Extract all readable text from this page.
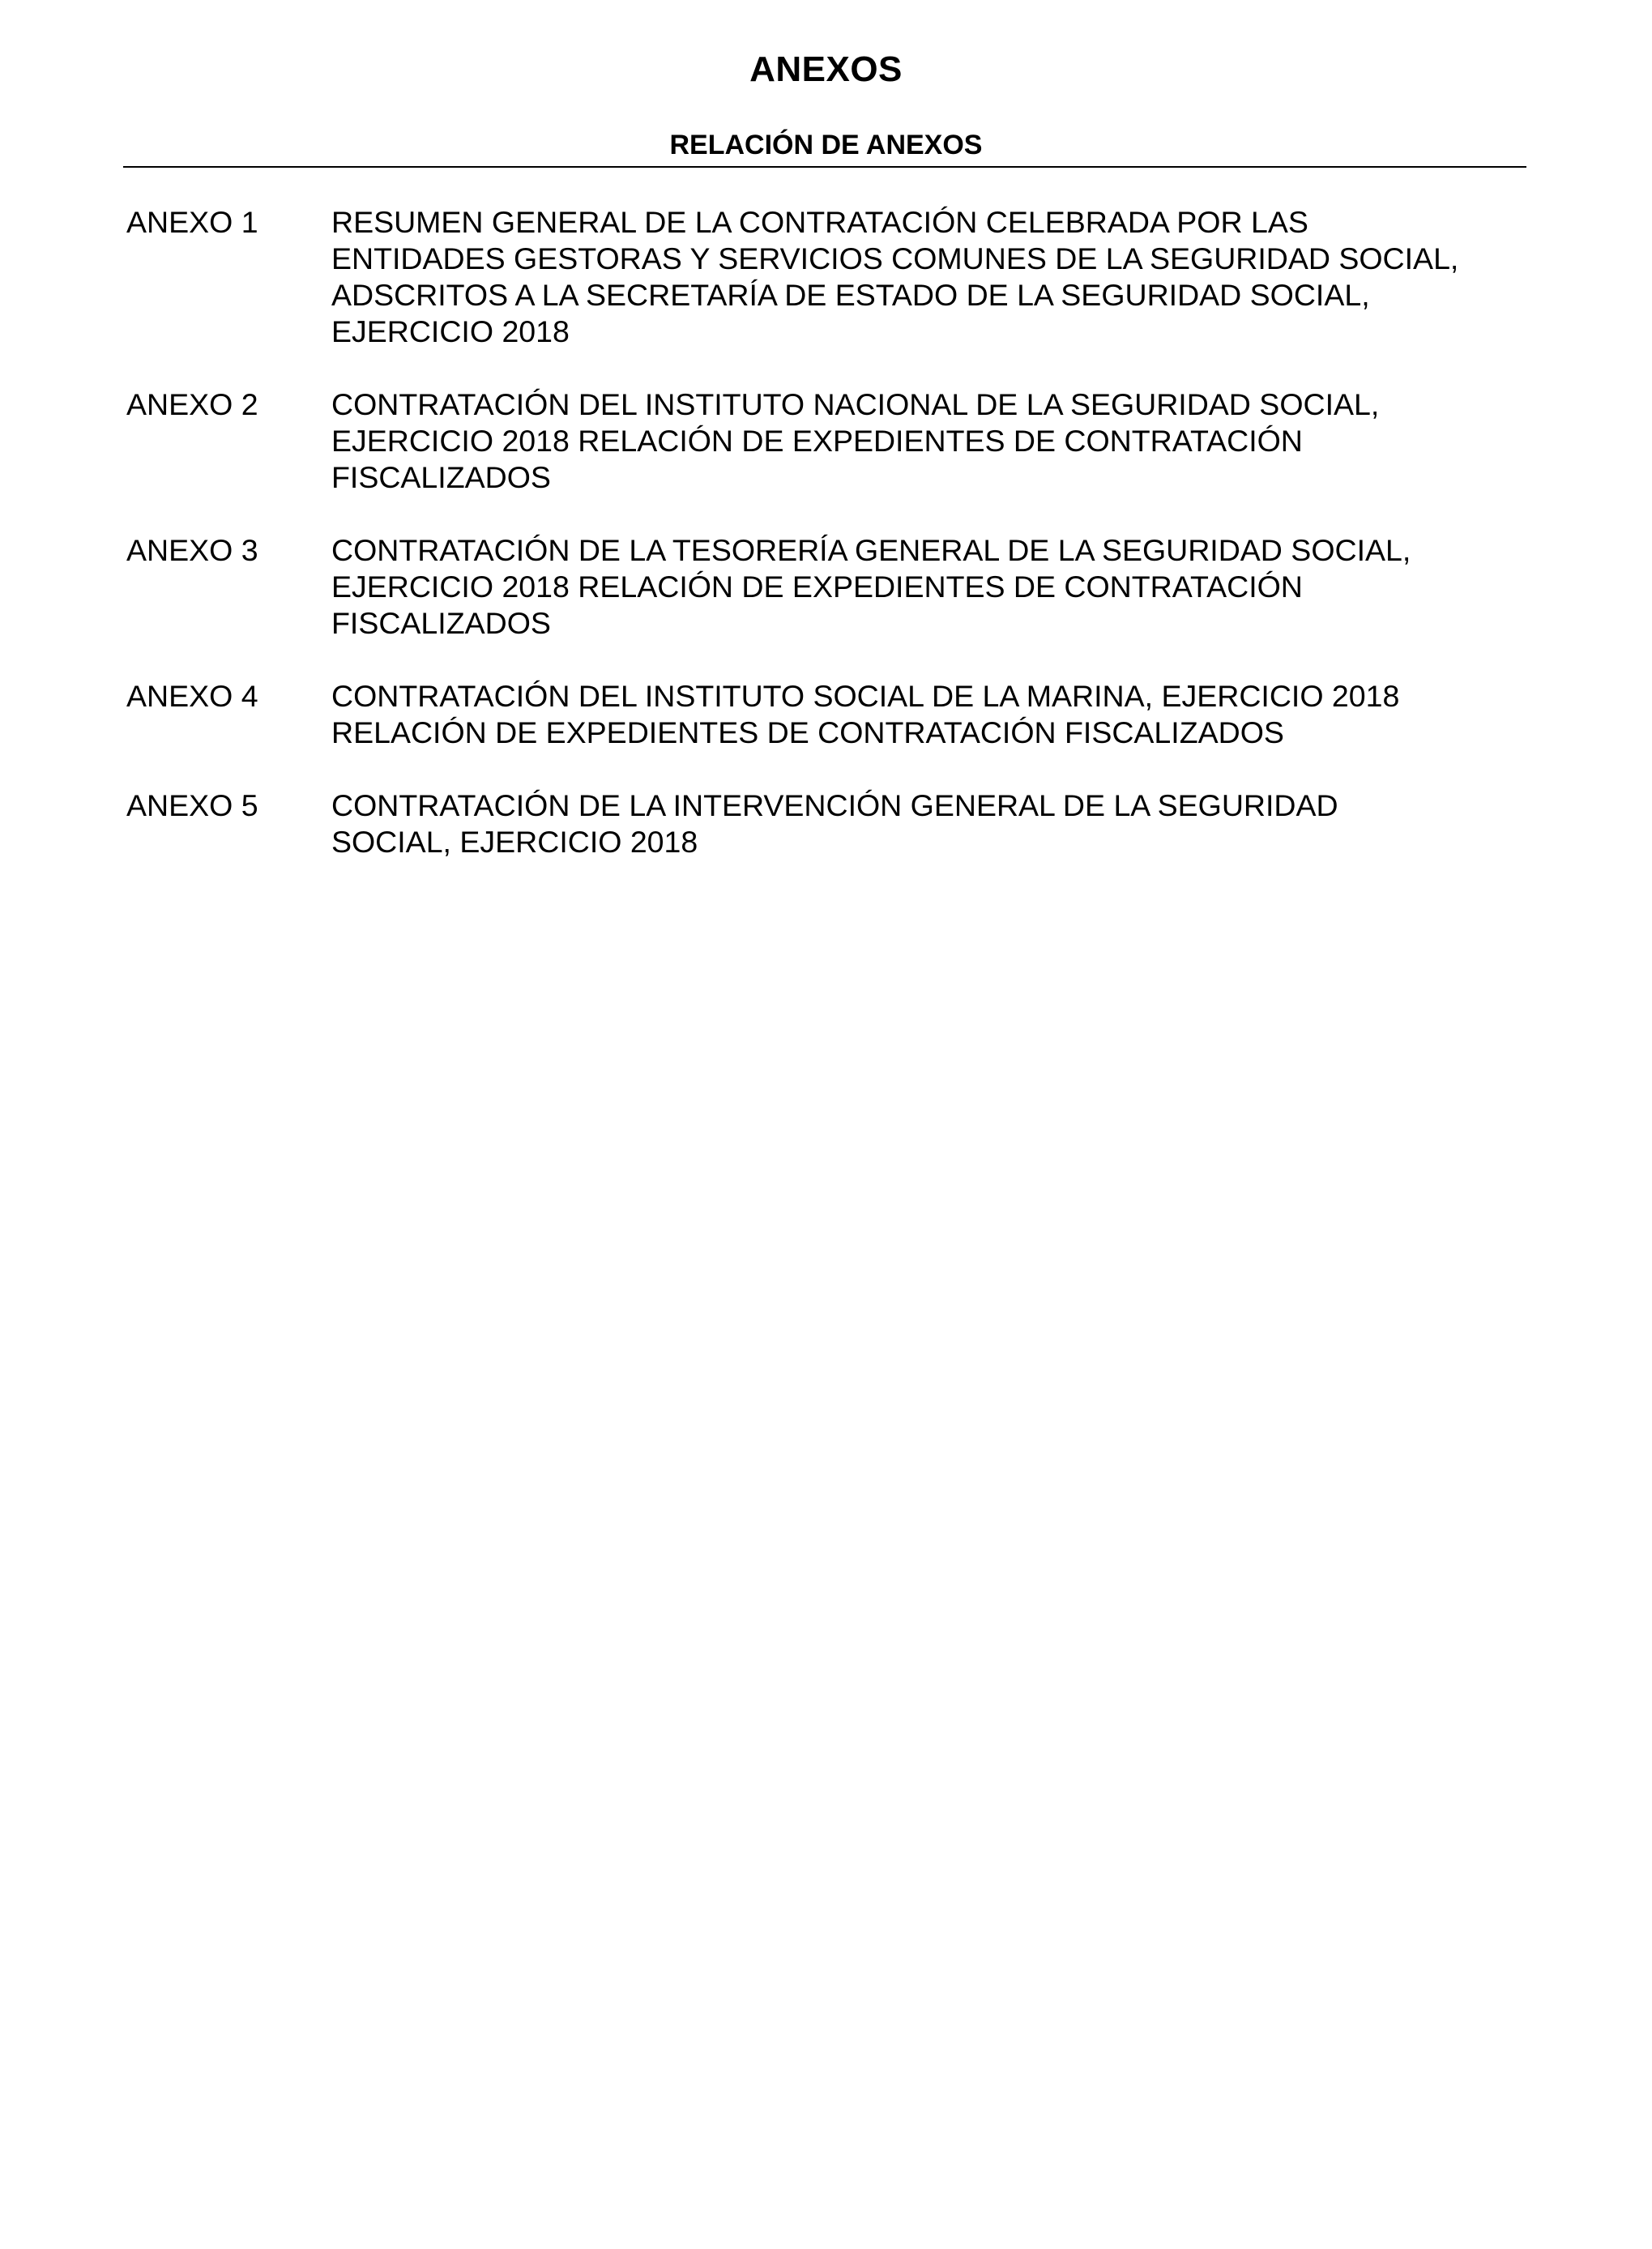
ANEXOS
RELACIÓN DE ANEXOS
ANEXO 1	RESUMEN GENERAL DE LA CONTRATACIÓN CELEBRADA POR LAS
ENTIDADES GESTORAS Y SERVICIOS COMUNES DE LA SEGURIDAD SOCIAL,
ADSCRITOS A LA SECRETARÍA DE ESTADO DE LA SEGURIDAD SOCIAL,
EJERCICIO 2018
ANEXO 2	CONTRATACIÓN DEL INSTITUTO NACIONAL DE LA SEGURIDAD SOCIAL,
EJERCICIO 2018 RELACIÓN DE EXPEDIENTES DE CONTRATACIÓN
FISCALIZADOS
ANEXO 3	CONTRATACIÓN DE LA TESORERÍA GENERAL DE LA SEGURIDAD SOCIAL,
EJERCICIO 2018 RELACIÓN DE EXPEDIENTES DE CONTRATACIÓN
FISCALIZADOS
ANEXO 4	CONTRATACIÓN DEL INSTITUTO SOCIAL DE LA MARINA, EJERCICIO 2018
RELACIÓN DE EXPEDIENTES DE CONTRATACIÓN FISCALIZADOS
ANEXO 5	CONTRATACIÓN DE LA INTERVENCIÓN GENERAL DE LA SEGURIDAD
SOCIAL, EJERCICIO 2018
